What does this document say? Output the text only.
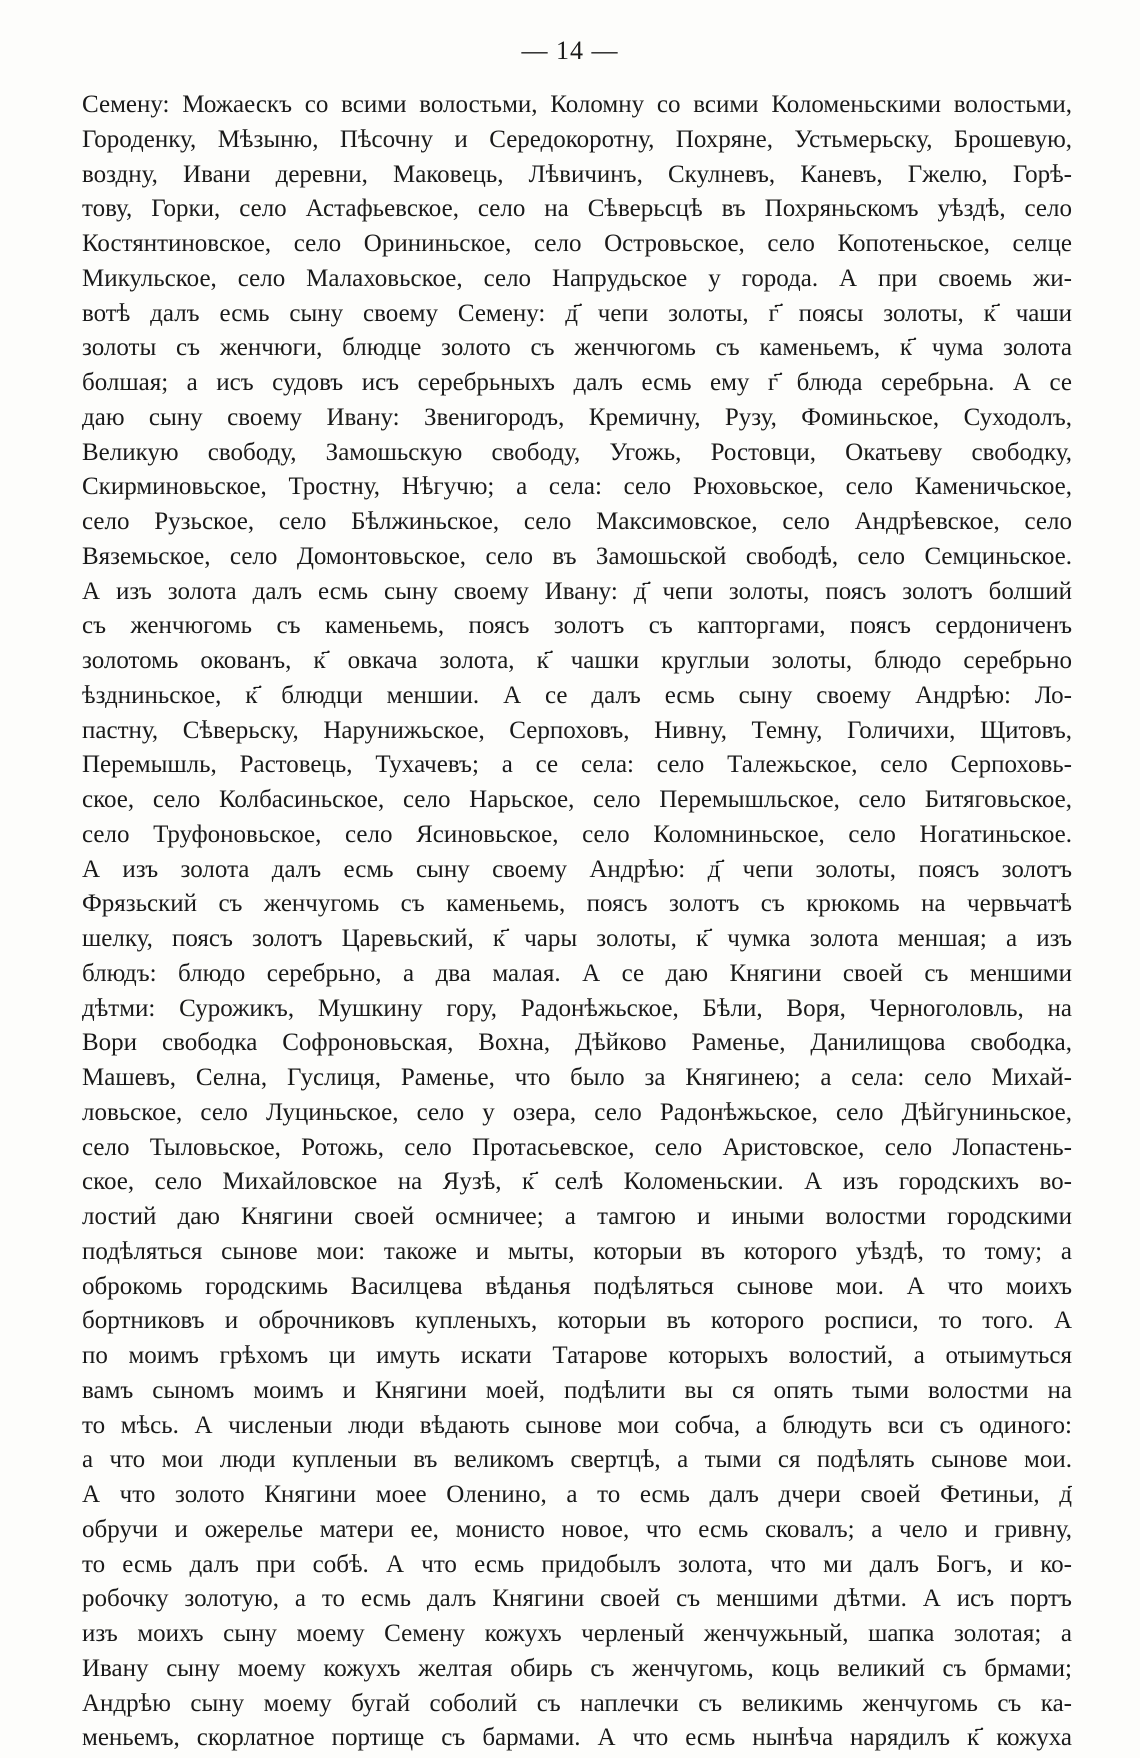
— 14 —
Семену: Можаескъ со всими волостьми, Коломну со всими Коломеньскими волостьми,
Городенку, Мѣзыню, Пѣсочну и Середокоротну, Похряне, Устьмерьску, Брошевую,
воздну, Ивани деревни, Маковець, Лѣвичинъ, Скулневъ, Каневъ, Гжелю, Горѣ-
тову, Горки, село Астафьевское, село на Сѣверьсцѣ въ Похряньскомъ уѣздѣ, село
Костянтиновское, село Орининьское, село Островьское, село Копотеньское, селце
Микульское, село Малаховьское, село Напрудьское у города. А при своемь жи-
вотѣ далъ есмь сыну своему Семену: д҃ чепи золоты, г҃ поясы золоты, к҃ чаши
золоты съ женчюги, блюдце золото съ женчюгомь съ каменьемъ, к҃ чума золота
болшая; а исъ судовъ исъ серебрьныхъ далъ есмь ему г҃ блюда серебрьна. А се
даю сыну своему Ивану: Звенигородъ, Кремичну, Рузу, Фоминьское, Суходолъ,
Великую свободу, Замошьскую свободу, Угожь, Ростовци, Окатьеву свободку,
Скирминовьское, Тростну, Нѣгучю; а села: село Рюховьское, село Каменичьское,
село Рузьское, село Бѣлжиньское, село Максимовское, село Андрѣевское, село
Вяземьское, село Домонтовьское, село въ Замошьской свободѣ, село Семциньское.
А изъ золота далъ есмь сыну своему Ивану: д҃ чепи золоты, поясъ золотъ болший
съ женчюгомь съ каменьемь, поясъ золотъ съ капторгами, поясъ сердониченъ
золотомь окованъ, к҃ овкача золота, к҃ чашки круглыи золоты, блюдо серебрьно
ѣздниньское, к҃ блюдци меншии. А се далъ есмь сыну своему Андрѣю: Ло-
пастну, Сѣверьску, Нарунижьское, Серпоховъ, Нивну, Темну, Голичихи, Щитовъ,
Перемышль, Растовець, Тухачевъ; а се села: село Талежьское, село Серпоховь-
ское, село Колбасиньское, село Нарьское, село Перемышльское, село Битяговьское,
село Труфоновьское, село Ясиновьское, село Коломниньское, село Ногатиньское.
А изъ золота далъ есмь сыну своему Андрѣю: д҃ чепи золоты, поясъ золотъ
Фрязьский съ женчугомь съ каменьемь, поясъ золотъ съ крюкомь на червьчатѣ
шелку, поясъ золотъ Царевьский, к҃ чары золоты, к҃ чумка золота меншая; а изъ
блюдъ: блюдо серебрьно, а два малая. А се даю Княгини своей съ меншими
дѣтми: Сурожикъ, Мушкину гору, Радонѣжьское, Бѣли, Воря, Черноголовль, на
Вори свободка Софроновьская, Вохна, Дѣйково Раменье, Данилищова свободка,
Машевъ, Селна, Гуслиця, Раменье, что было за Княгинею; а села: село Михай-
ловьское, село Луциньское, село у озера, село Радонѣжьское, село Дѣйгуниньское,
село Тыловьское, Ротожь, село Протасьевское, село Аристовское, село Лопастень-
ское, село Михайловское на Яузѣ, к҃ селѣ Коломеньскии. А изъ городскихъ во-
лостий даю Княгини своей осмничее; а тамгою и иными волостми городскими
подѣляться сынове мои: такоже и мыты, которыи въ которого уѣздѣ, то тому; а
оброкомь городскимь Василцева вѣданья подѣляться сынове мои. А что моихъ
бортниковъ и оброчниковъ купленыхъ, которыи въ которого росписи, то того. А
по моимъ грѣхомъ ци имуть искати Татарове которыхъ волостий, а отыимуться
вамъ сыномъ моимъ и Княгини моей, подѣлити вы ся опять тыми волостми на
то мѣсь. А численыи люди вѣдають сынове мои собча, а блюдуть вси съ одиного:
а что мои люди купленыи въ великомъ свертцѣ, а тыми ся подѣлять сынове мои.
А что золото Княгини моее Оленино, а то есмь далъ дчери своей Фетиньи, д҃
обручи и ожерелье матери ее, монисто новое, что есмь сковалъ; а чело и гривну,
то есмь далъ при собѣ. А что есмь придобылъ золота, что ми далъ Богъ, и ко-
робочку золотую, а то есмь далъ Княгини своей съ меншими дѣтми. А исъ портъ
изъ моихъ сыну моему Семену кожухъ черленый женчужьный, шапка золотая; а
Ивану сыну моему кожухъ желтая обирь съ женчугомь, коць великий съ брмами;
Андрѣю сыну моему бугай соболий съ наплечки съ великимь женчугомь съ ка-
меньемъ, скорлатное портище съ бармами. А что есмь нынѣча нарядилъ к҃ кожуха
